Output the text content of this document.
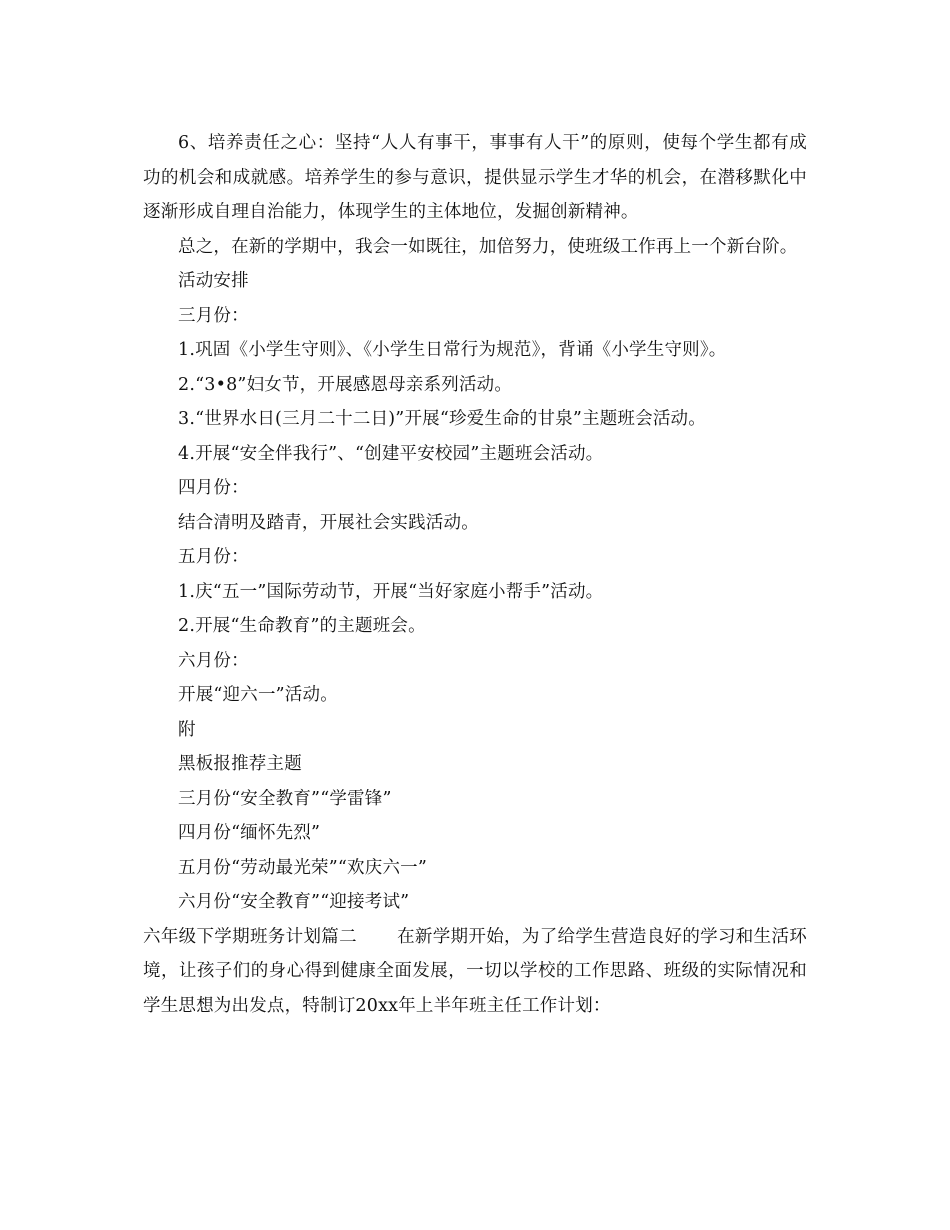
6、培养责任之心：坚持“人人有事干，事事有人干”的原则，使每个学生都有成功的机会和成就感。培养学生的参与意识，提供显示学生才华的机会，在潜移默化中逐渐形成自理自治能力，体现学生的主体地位，发掘创新精神。

总之，在新的学期中，我会一如既往，加倍努力，使班级工作再上一个新台阶。

活动安排

三月份：

1.巩固《小学生守则》、《小学生日常行为规范》，背诵《小学生守则》。

2.“3•8”妇女节，开展感恩母亲系列活动。

3.“世界水日(三月二十二日)”开展“珍爱生命的甘泉”主题班会活动。

4.开展“安全伴我行”、“创建平安校园”主题班会活动。

四月份：

结合清明及踏青，开展社会实践活动。

五月份：

1.庆“五一”国际劳动节，开展“当好家庭小帮手”活动。

2.开展“生命教育”的主题班会。

六月份：

开展“迎六一”活动。

附

黑板报推荐主题

三月份“安全教育”“学雷锋”

四月份“缅怀先烈”

五月份“劳动最光荣”“欢庆六一”

六月份“安全教育”“迎接考试”

六年级下学期班务计划篇二 在新学期开始，为了给学生营造良好的学习和生活环境，让孩子们的身心得到健康全面发展，一切以学校的工作思路、班级的实际情况和学生思想为出发点，特制订20xx年上半年班主任工作计划：
